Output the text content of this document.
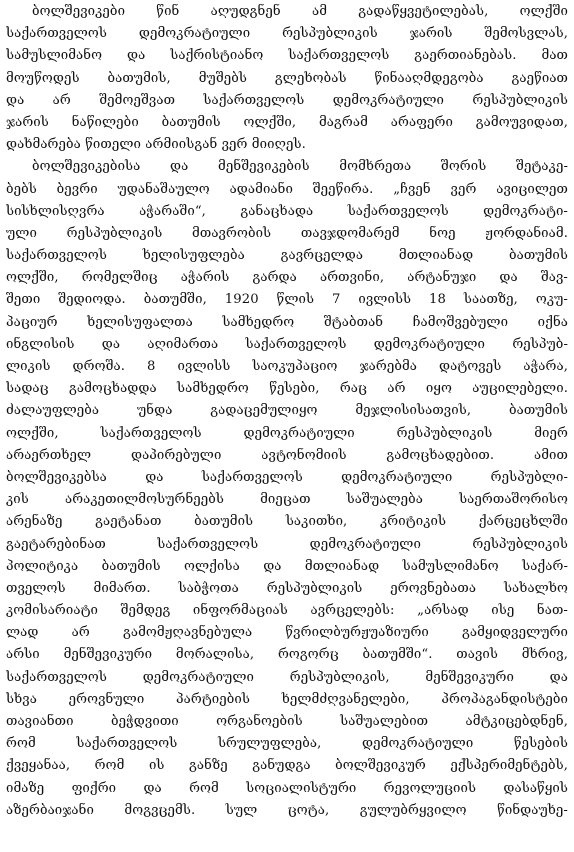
ბოლშევიკები წინ აღუდგნენ ამ გადაწყვეტილებას, ოლქში
საქართველოს დემოკრატიული რესპუბლიკის ჯარის შემოსვლას,
სამუსლიმანო და საქრისტიანო საქართველოს გაერთიანებას. მათ
მოუწოდეს ბათუმის, მუშებს გლეხობას წინააღმდეგობა გაეწიათ
და არ შემოეშვათ საქართველოს დემოკრატიული რესპუბლიკის
ჯარის ნაწილები ბათუმის ოლქში, მაგრამ არაფერი გამოუვიდათ,
დახმარება წითელი არმიისგან ვერ მიიღეს.
ბოლშევიკებისა და მენშევიკების მომხრეთა შორის შეტაკე-
ბებს ბევრი უდანაშაულო ადამიანი შეეწირა. „ჩვენ ვერ ავიცილეთ
სისხლისღვრა აჭარაში“, განაცხადა საქართველოს დემოკრატი-
ული რესპუბლიკის მთავრობის თავჯდომარემ ნოე ჟორდანიამ.
საქართველოს ხელისუფლება გავრცელდა მთლიანად ბათუმის
ოლქში, რომელშიც აჭარის გარდა ართვინი, არტანუჯი და შავ-
შეთი შედიოდა. ბათუმში, 1920 წლის 7 ივლისს 18 საათზე, ოკუ-
პაციურ ხელისუფალთა სამხედრო შტაბთან ჩამოშვებული იქნა
ინგლისის და აღიმართა საქართველოს დემოკრატიული რესპუბ-
ლიკის დროშა. 8 ივლისს საოკუპაციო ჯარებმა დატოვეს აჭარა,
სადაც გამოცხადდა სამხედრო წესები, რაც არ იყო აუცილებელი.
ძალაუფლება უნდა გადაცემულიყო მეჯლისისათვის, ბათუმის
ოლქში, საქართველოს დემოკრატიული რესპუბლიკის მიერ
არაერთხელ დაპირებული ავტონომიის გამოცხადებით. ამით
ბოლშევიკებსა და საქართველოს დემოკრატიული რესპუბლი-
კის არაკეთილმოსურნეებს მიეცათ საშუალება საერთაშორისო
არენაზე გაეტანათ ბათუმის საკითხი, კრიტიკის ქარცეცხლში
გაეტარებინათ საქართველოს დემოკრატიული რესპუბლიკის
პოლიტიკა ბათუმის ოლქისა და მთლიანად სამუსლიმანო საქარ-
თველოს მიმართ. საბჭოთა რესპუბლიკის ეროვნებათა სახალხო
კომისარიატი შემდეგ ინფორმაციას ავრცელებს: „არსად ისე ნათ-
ლად არ გამომჟღავნებულა წვრილბურჟუაზიური გამყიდველური
არსი მენშევიკური მორალისა, როგორც ბათუმში“. თავის მხრივ,
საქართველოს დემოკრატიული რესპუბლიკის, მენშევიკური და
სხვა ეროვნული პარტიების ხელმძღვანელები, პროპაგანდისტები
თავიანთი ბეჭდვითი ორგანოების საშუალებით ამტკიცებდნენ,
რომ საქართველოს სრულუფლება, დემოკრატიული წესების
ქვეყანაა, რომ ის განზე განუდგა ბოლშევიკურ ექსპერიმენტებს,
იმაზე ფიქრი და რომ სოციალისტური რევოლუციის დასაწყის
აზერბაიჯანი მოგვცემს. სულ ცოტა, გულუბრყვილო წინდაუხე-
